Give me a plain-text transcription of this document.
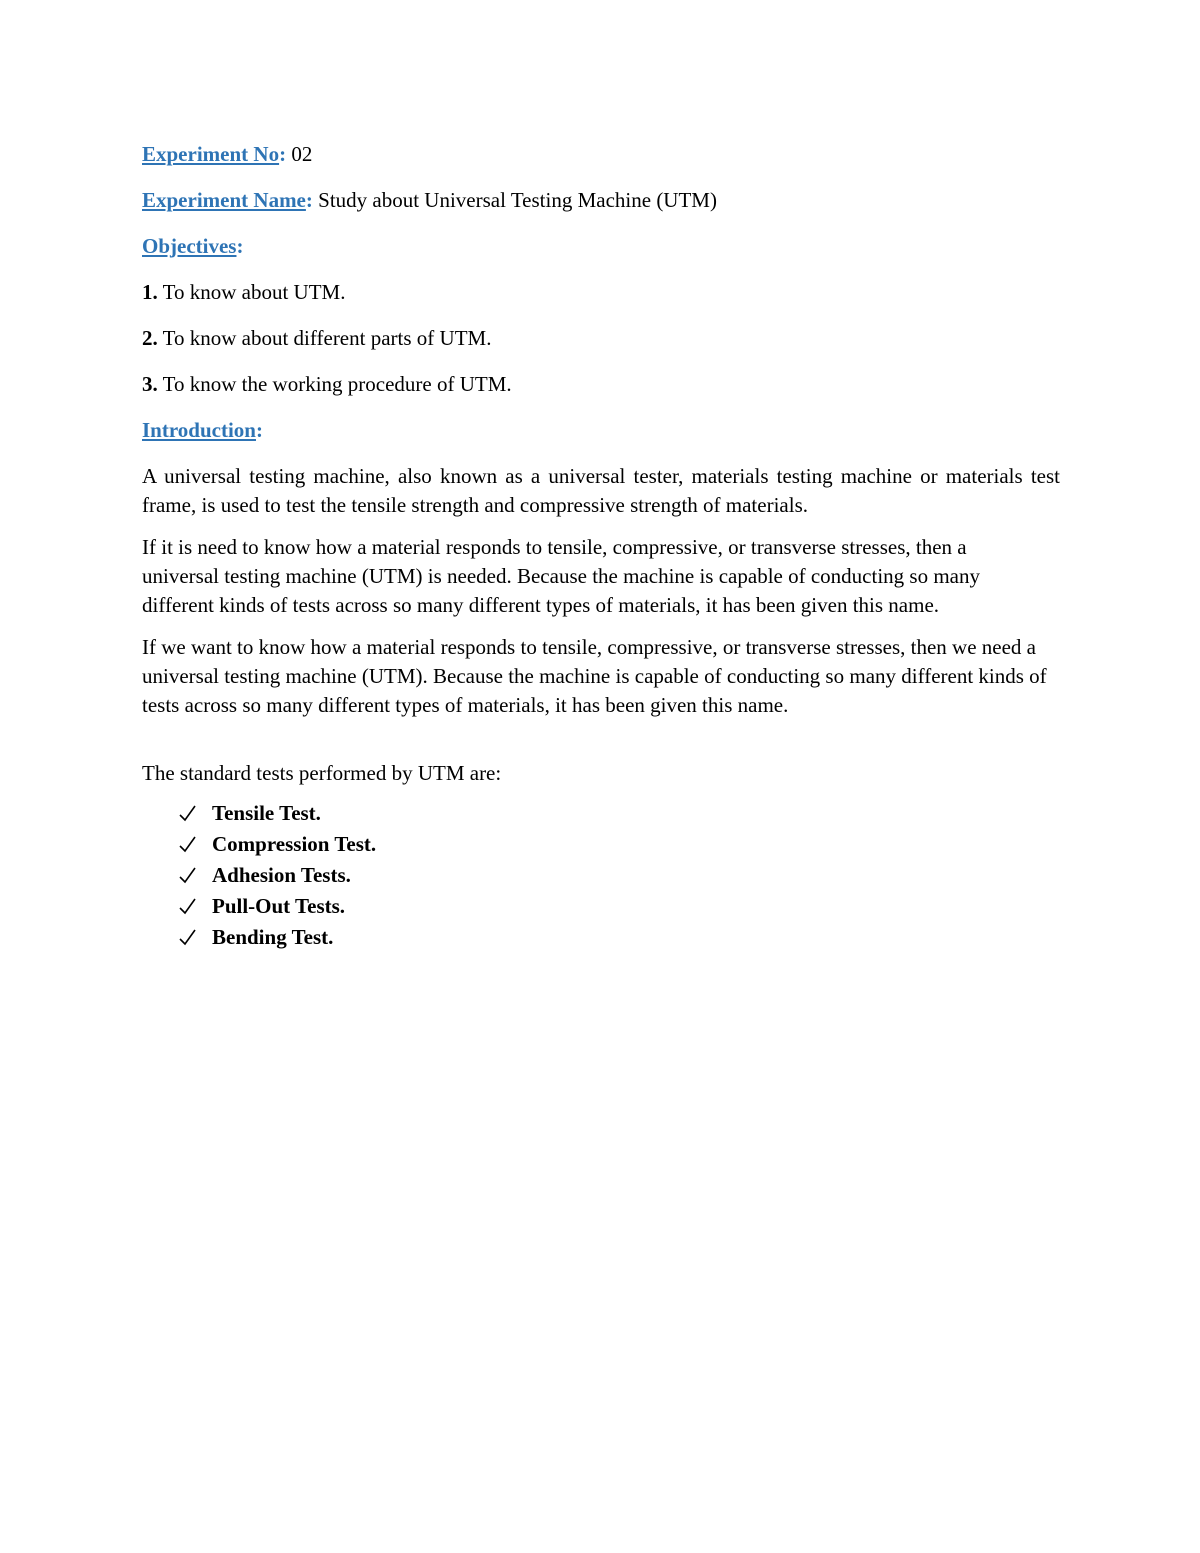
Experiment No: 02

Experiment Name: Study about Universal Testing Machine (UTM)

Objectives:

1. To know about UTM.

2. To know about different parts of UTM.

3. To know the working procedure of UTM.

Introduction:

A universal testing machine, also known as a universal tester, materials testing machine or materials test frame, is used to test the tensile strength and compressive strength of materials.

If it is need to know how a material responds to tensile, compressive, or transverse stresses, then a universal testing machine (UTM) is needed. Because the machine is capable of conducting so many different kinds of tests across so many different types of materials, it has been given this name.

If we want to know how a material responds to tensile, compressive, or transverse stresses, then we need a universal testing machine (UTM). Because the machine is capable of conducting so many different kinds of tests across so many different types of materials, it has been given this name.

The standard tests performed by UTM are:

Tensile Test.
Compression Test.
Adhesion Tests.
Pull-Out Tests.
Bending Test.
